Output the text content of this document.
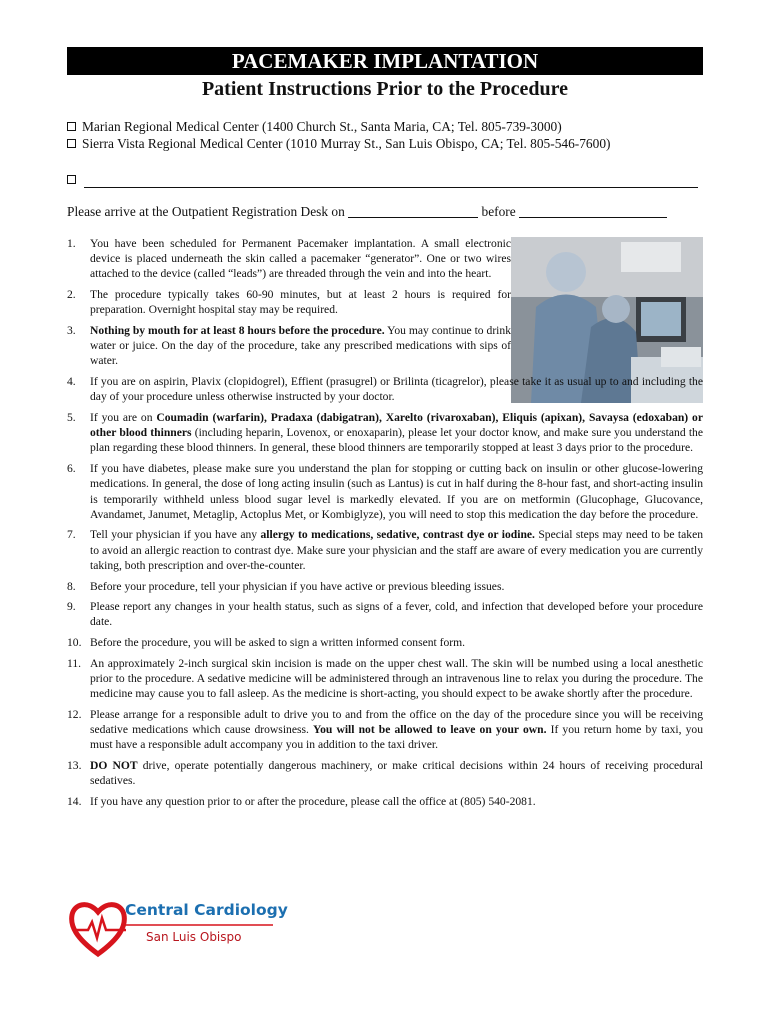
PACEMAKER IMPLANTATION
Patient Instructions Prior to the Procedure
Marian Regional Medical Center (1400 Church St., Santa Maria, CA; Tel. 805-739-3000)
Sierra Vista Regional Medical Center (1010 Murray St., San Luis Obispo, CA; Tel. 805-546-7600)
Please arrive at the Outpatient Registration Desk on	before
1. You have been scheduled for Permanent Pacemaker implantation. A small electronic device is placed underneath the skin called a pacemaker “generator”. One or two wires attached to the device (called “leads”) are threaded through the vein and into the heart.
2. The procedure typically takes 60-90 minutes, but at least 2 hours is required for preparation. Overnight hospital stay may be required.
3. Nothing by mouth for at least 8 hours before the procedure. You may continue to drink water or juice. On the day of the procedure, take any prescribed medications with sips of water.
4. If you are on aspirin, Plavix (clopidogrel), Effient (prasugrel) or Brilinta (ticagrelor), please take it as usual up to and including the day of your procedure unless otherwise instructed by your doctor.
5. If you are on Coumadin (warfarin), Pradaxa (dabigatran), Xarelto (rivaroxaban), Eliquis (apixan), Savaysa (edoxaban) or other blood thinners (including heparin, Lovenox, or enoxaparin), please let your doctor know, and make sure you understand the plan regarding these blood thinners. In general, these blood thinners are temporarily stopped at least 3 days prior to the procedure.
6. If you have diabetes, please make sure you understand the plan for stopping or cutting back on insulin or other glucose-lowering medications. In general, the dose of long acting insulin (such as Lantus) is cut in half during the 8-hour fast, and short-acting insulin is temporarily withheld unless blood sugar level is markedly elevated. If you are on metformin (Glucophage, Glucovance, Avandamet, Janumet, Metaglip, Actoplus Met, or Kombiglyze), you will need to stop this medication the day before the procedure.
7. Tell your physician if you have any allergy to medications, sedative, contrast dye or iodine. Special steps may need to be taken to avoid an allergic reaction to contrast dye. Make sure your physician and the staff are aware of every medication you are currently taking, both prescription and over-the-counter.
8. Before your procedure, tell your physician if you have active or previous bleeding issues.
9. Please report any changes in your health status, such as signs of a fever, cold, and infection that developed before your procedure date.
10. Before the procedure, you will be asked to sign a written informed consent form.
11. An approximately 2-inch surgical skin incision is made on the upper chest wall. The skin will be numbed using a local anesthetic prior to the procedure. A sedative medicine will be administered through an intravenous line to relax you during the procedure. The medicine may cause you to fall asleep. As the medicine is short-acting, you should expect to be awake shortly after the procedure.
12. Please arrange for a responsible adult to drive you to and from the office on the day of the procedure since you will be receiving sedative medications which cause drowsiness. You will not be allowed to leave on your own. If you return home by taxi, you must have a responsible adult accompany you in addition to the taxi driver.
13. DO NOT drive, operate potentially dangerous machinery, or make critical decisions within 24 hours of receiving procedural sedatives.
14. If you have any question prior to or after the procedure, please call the office at (805) 540-2081.
Central Cardiology
San Luis Obispo
